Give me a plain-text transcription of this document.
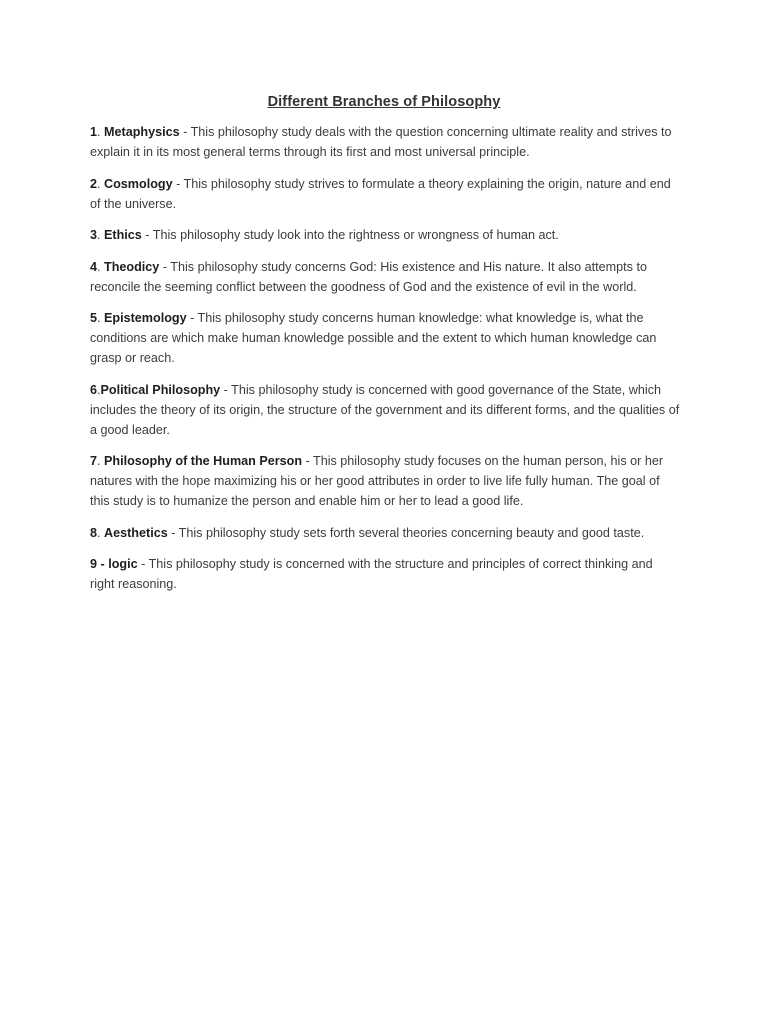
Different Branches of Philosophy

1. Metaphysics - This philosophy study deals with the question concerning ultimate reality and strives to explain it in its most general terms through its first and most universal principle.

2. Cosmology - This philosophy study strives to formulate a theory explaining the origin, nature and end of the universe.

3. Ethics - This philosophy study look into the rightness or wrongness of human act.

4. Theodicy - This philosophy study concerns God: His existence and His nature. It also attempts to reconcile the seeming conflict between the goodness of God and the existence of evil in the world.

5. Epistemology - This philosophy study concerns human knowledge: what knowledge is, what the conditions are which make human knowledge possible and the extent to which human knowledge can grasp or reach.

6.Political Philosophy - This philosophy study is concerned with good governance of the State, which includes the theory of its origin, the structure of the government and its different forms, and the qualities of a good leader.

7. Philosophy of the Human Person - This philosophy study focuses on the human person, his or her natures with the hope maximizing his or her good attributes in order to live life fully human. The goal of this study is to humanize the person and enable him or her to lead a good life.

8. Aesthetics - This philosophy study sets forth several theories concerning beauty and good taste.

9 - logic - This philosophy study is concerned with the structure and principles of correct thinking and right reasoning.
